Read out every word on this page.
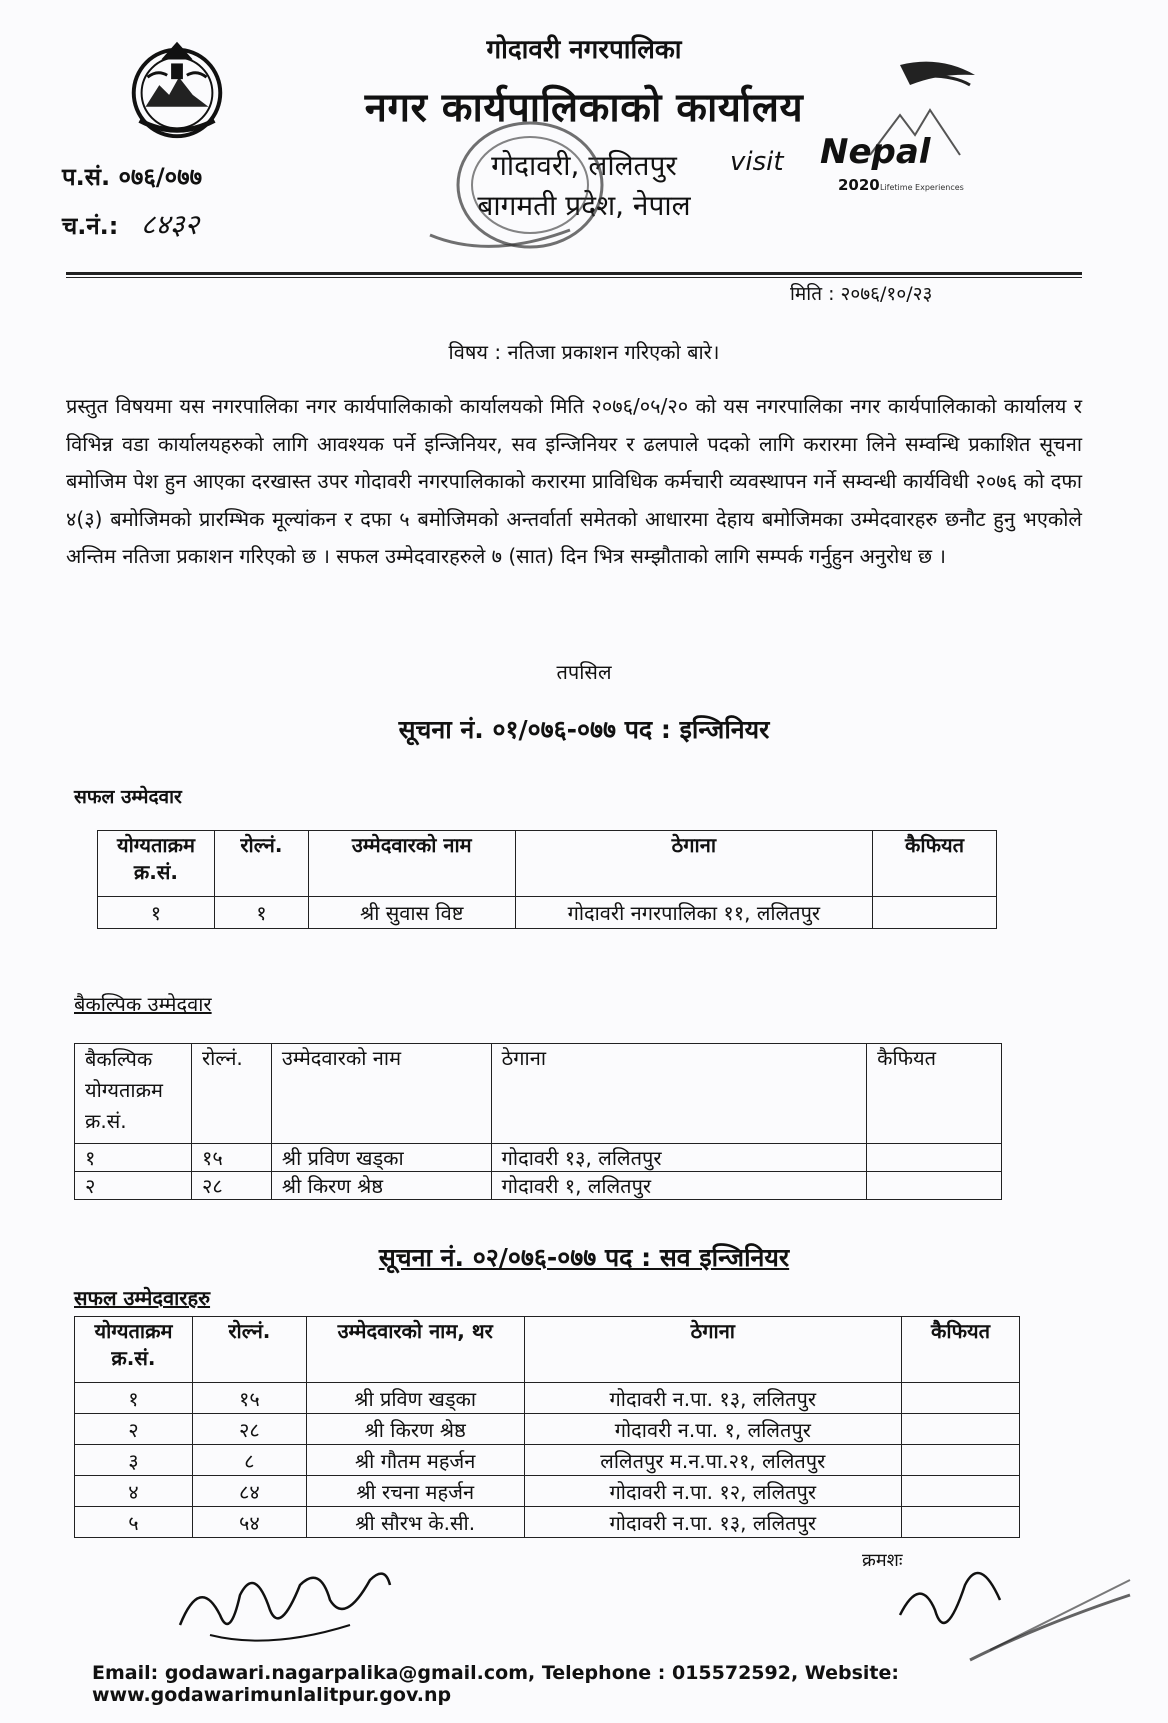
गोदावरी नगरपालिका
नगर कार्यपालिकाको कार्यालय
गोदावरी, ललितपुर
बागमती प्रदेश, नेपाल
प.सं. ०७६/०७७
च.नं.: ८४३२
visit Nepal
2020 Lifetime Experiences
मिति : २०७६/१०/२३
विषय : नतिजा प्रकाशन गरिएको बारे।
प्रस्तुत विषयमा यस नगरपालिका नगर कार्यपालिकाको कार्यालयको मिति २०७६/०५/२० को यस नगरपालिका नगर कार्यपालिकाको कार्यालय र विभिन्न वडा कार्यालयहरुको लागि आवश्यक पर्ने इन्जिनियर, सव इन्जिनियर र ढलपाले पदको लागि करारमा लिने सम्वन्धि प्रकाशित सूचना बमोजिम पेश हुन आएका दरखास्त उपर गोदावरी नगरपालिकाको करारमा प्राविधिक कर्मचारी व्यवस्थापन गर्ने सम्वन्धी कार्यविधी २०७६ को दफा ४(३) बमोजिमको प्रारम्भिक मूल्यांकन र दफा ५ बमोजिमको अन्तर्वार्ता समेतको आधारमा देहाय बमोजिमका उम्मेदवारहरु छनौट हुनु भएकोले अन्तिम नतिजा प्रकाशन गरिएको छ । सफल उम्मेदवारहरुले ७ (सात) दिन भित्र सम्झौताको लागि सम्पर्क गर्नुहुन अनुरोध छ ।
तपसिल
सूचना नं. ०१/०७६-०७७ पद : इन्जिनियर
सफल उम्मेदवार
योग्यताक्रम क्र.सं.	रोल्नं.	उम्मेदवारको नाम	ठेगाना	कैफियत
१	१	श्री सुवास विष्ट	गोदावरी नगरपालिका ११, ललितपुर	
बैकल्पिक उम्मेदवार
बैकल्पिक योग्यताक्रम क्र.सं.	रोल्नं.	उम्मेदवारको नाम	ठेगाना	कैफियत
१	१५	श्री प्रविण खड्का	गोदावरी १३, ललितपुर	
२	२८	श्री किरण श्रेष्ठ	गोदावरी १, ललितपुर	
सूचना नं. ०२/०७६-०७७ पद : सव इन्जिनियर
सफल उम्मेदवारहरु
योग्यताक्रम क्र.सं.	रोल्नं.	उम्मेदवारको नाम, थर	ठेगाना	कैफियत
१	१५	श्री प्रविण खड्का	गोदावरी न.पा. १३, ललितपुर	
२	२८	श्री किरण श्रेष्ठ	गोदावरी न.पा. १, ललितपुर	
३	८	श्री गौतम महर्जन	ललितपुर म.न.पा.२१, ललितपुर	
४	८४	श्री रचना महर्जन	गोदावरी न.पा. १२, ललितपुर	
५	५४	श्री सौरभ के.सी.	गोदावरी न.पा. १३, ललितपुर	
क्रमशः
Email: godawari.nagarpalika@gmail.com, Telephone : 015572592, Website: www.godawarimunlalitpur.gov.np
